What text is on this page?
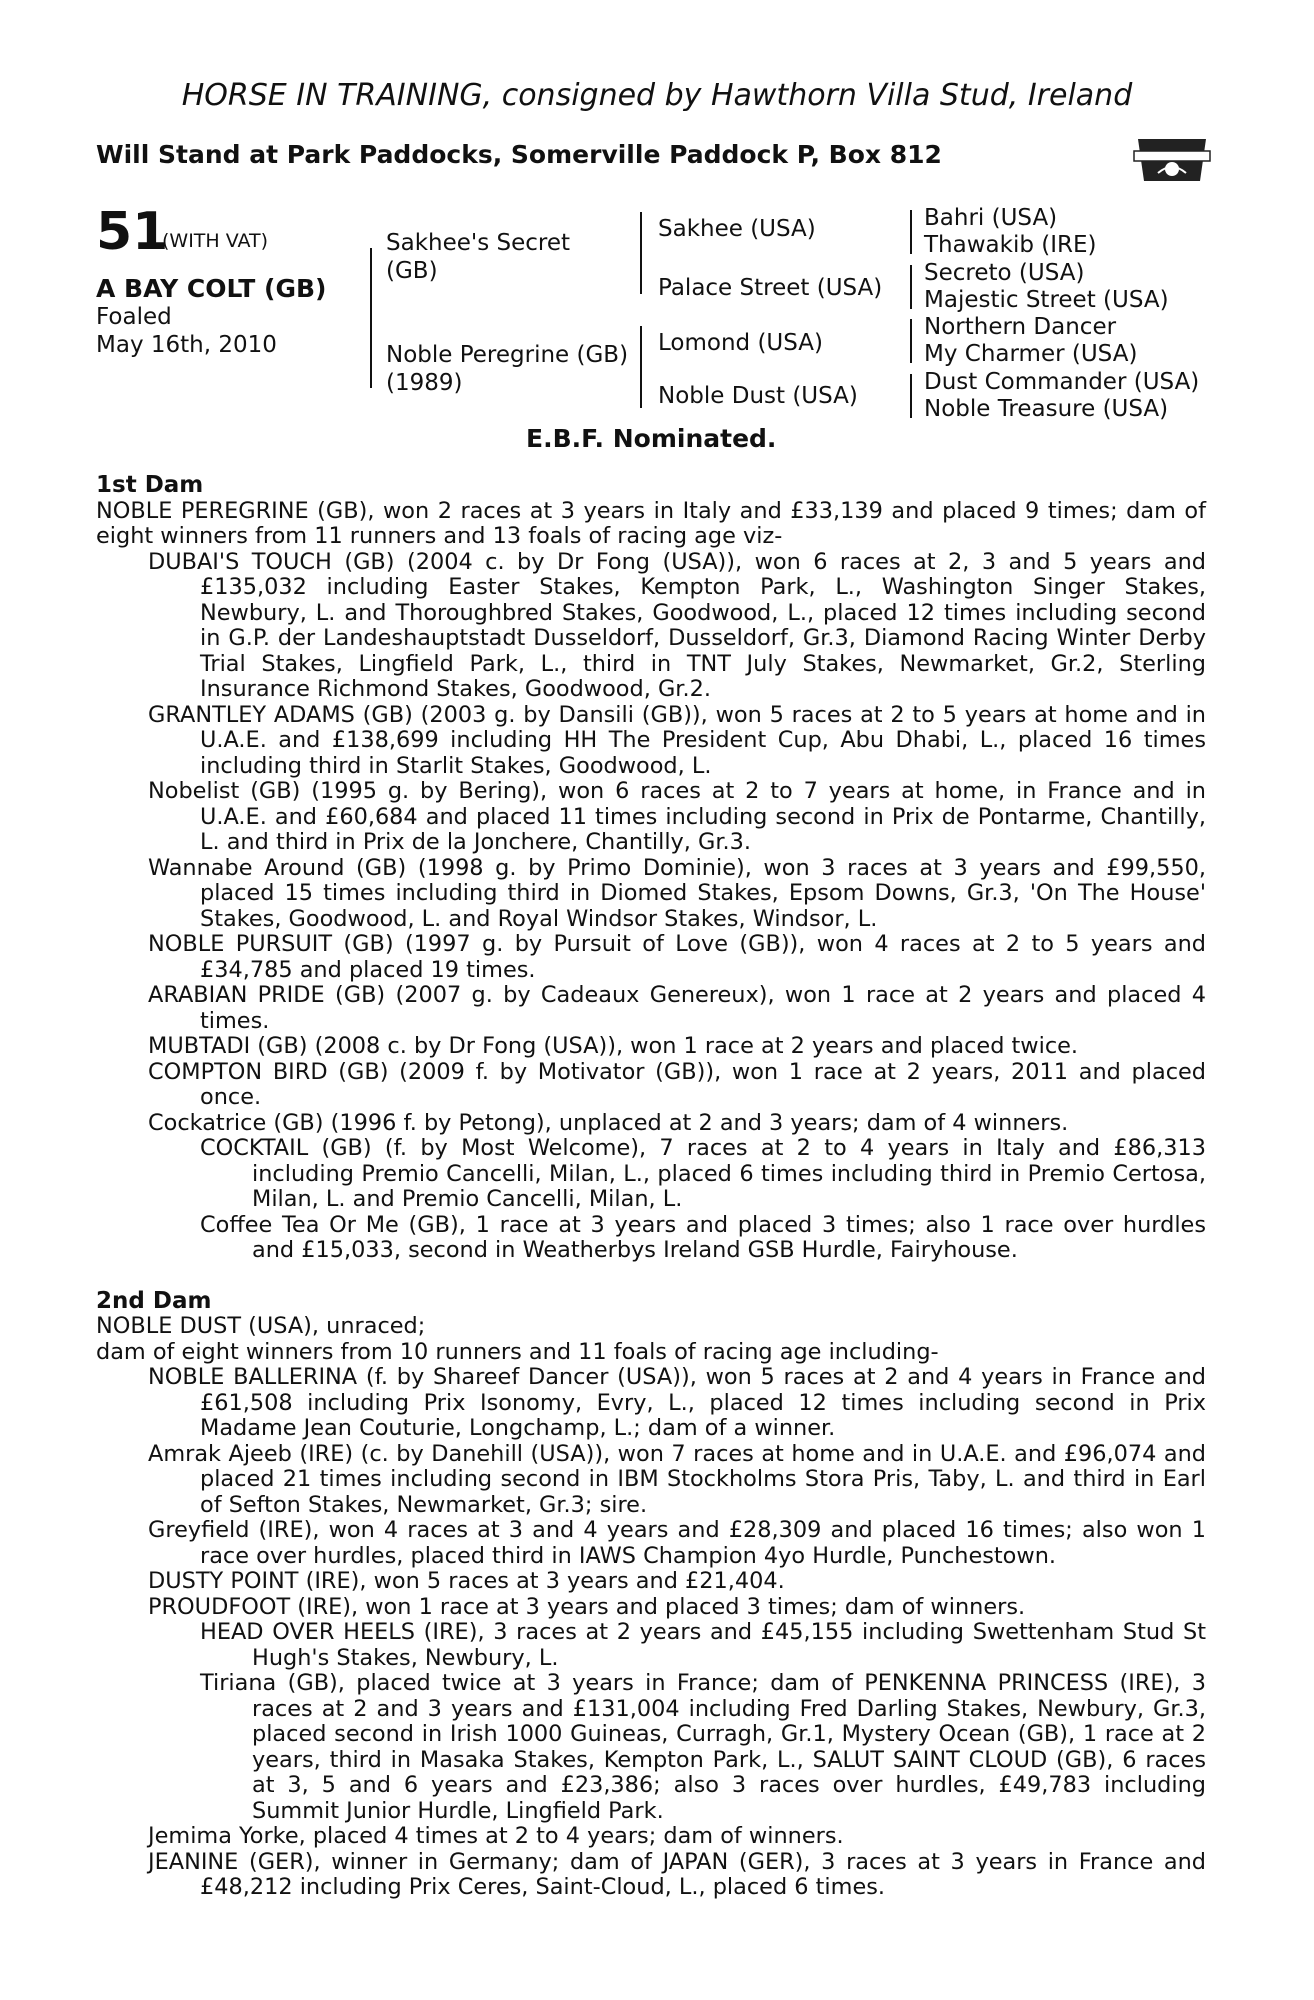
HORSE IN TRAINING, consigned by Hawthorn Villa Stud, Ireland
Will Stand at Park Paddocks, Somerville Paddock P, Box 812
51
(WITH VAT)
A BAY COLT (GB)
Foaled
May 16th, 2010
Sakhee's Secret
(GB)
Noble Peregrine (GB)
(1989)
Sakhee (USA)
Palace Street (USA)
Lomond (USA)
Noble Dust (USA)
Bahri (USA)
Thawakib (IRE)
Secreto (USA)
Majestic Street (USA)
Northern Dancer
My Charmer (USA)
Dust Commander (USA)
Noble Treasure (USA)
E.B.F. Nominated.

1st Dam

NOBLE PEREGRINE (GB), won 2 races at 3 years in Italy and £33,139 and placed 9 times; dam of eight winners from 11 runners and 13 foals of racing age viz-

DUBAI'S TOUCH (GB) (2004 c. by Dr Fong (USA)), won 6 races at 2, 3 and 5 years and £135,032 including Easter Stakes, Kempton Park, L., Washington Singer Stakes, Newbury, L. and Thoroughbred Stakes, Goodwood, L., placed 12 times including second in G.P. der Landeshauptstadt Dusseldorf, Dusseldorf, Gr.3, Diamond Racing Winter Derby Trial Stakes, Lingfield Park, L., third in TNT July Stakes, Newmarket, Gr.2, Sterling Insurance Richmond Stakes, Goodwood, Gr.2.

GRANTLEY ADAMS (GB) (2003 g. by Dansili (GB)), won 5 races at 2 to 5 years at home and in U.A.E. and £138,699 including HH The President Cup, Abu Dhabi, L., placed 16 times including third in Starlit Stakes, Goodwood, L.

Nobelist (GB) (1995 g. by Bering), won 6 races at 2 to 7 years at home, in France and in U.A.E. and £60,684 and placed 11 times including second in Prix de Pontarme, Chantilly, L. and third in Prix de la Jonchere, Chantilly, Gr.3.

Wannabe Around (GB) (1998 g. by Primo Dominie), won 3 races at 3 years and £99,550, placed 15 times including third in Diomed Stakes, Epsom Downs, Gr.3, 'On The House' Stakes, Goodwood, L. and Royal Windsor Stakes, Windsor, L.

NOBLE PURSUIT (GB) (1997 g. by Pursuit of Love (GB)), won 4 races at 2 to 5 years and £34,785 and placed 19 times.

ARABIAN PRIDE (GB) (2007 g. by Cadeaux Genereux), won 1 race at 2 years and placed 4 times.

MUBTADI (GB) (2008 c. by Dr Fong (USA)), won 1 race at 2 years and placed twice.

COMPTON BIRD (GB) (2009 f. by Motivator (GB)), won 1 race at 2 years, 2011 and placed once.

Cockatrice (GB) (1996 f. by Petong), unplaced at 2 and 3 years; dam of 4 winners.

COCKTAIL (GB) (f. by Most Welcome), 7 races at 2 to 4 years in Italy and £86,313 including Premio Cancelli, Milan, L., placed 6 times including third in Premio Certosa, Milan, L. and Premio Cancelli, Milan, L.

Coffee Tea Or Me (GB), 1 race at 3 years and placed 3 times; also 1 race over hurdles and £15,033, second in Weatherbys Ireland GSB Hurdle, Fairyhouse.

2nd Dam

NOBLE DUST (USA), unraced;

dam of eight winners from 10 runners and 11 foals of racing age including-

NOBLE BALLERINA (f. by Shareef Dancer (USA)), won 5 races at 2 and 4 years in France and £61,508 including Prix Isonomy, Evry, L., placed 12 times including second in Prix Madame Jean Couturie, Longchamp, L.; dam of a winner.

Amrak Ajeeb (IRE) (c. by Danehill (USA)), won 7 races at home and in U.A.E. and £96,074 and placed 21 times including second in IBM Stockholms Stora Pris, Taby, L. and third in Earl of Sefton Stakes, Newmarket, Gr.3; sire.

Greyfield (IRE), won 4 races at 3 and 4 years and £28,309 and placed 16 times; also won 1 race over hurdles, placed third in IAWS Champion 4yo Hurdle, Punchestown.

DUSTY POINT (IRE), won 5 races at 3 years and £21,404.

PROUDFOOT (IRE), won 1 race at 3 years and placed 3 times; dam of winners.

HEAD OVER HEELS (IRE), 3 races at 2 years and £45,155 including Swettenham Stud St Hugh's Stakes, Newbury, L.

Tiriana (GB), placed twice at 3 years in France; dam of PENKENNA PRINCESS (IRE), 3 races at 2 and 3 years and £131,004 including Fred Darling Stakes, Newbury, Gr.3, placed second in Irish 1000 Guineas, Curragh, Gr.1, Mystery Ocean (GB), 1 race at 2 years, third in Masaka Stakes, Kempton Park, L., SALUT SAINT CLOUD (GB), 6 races at 3, 5 and 6 years and £23,386; also 3 races over hurdles, £49,783 including Summit Junior Hurdle, Lingfield Park.

Jemima Yorke, placed 4 times at 2 to 4 years; dam of winners.

JEANINE (GER), winner in Germany; dam of JAPAN (GER), 3 races at 3 years in France and £48,212 including Prix Ceres, Saint-Cloud, L., placed 6 times.
